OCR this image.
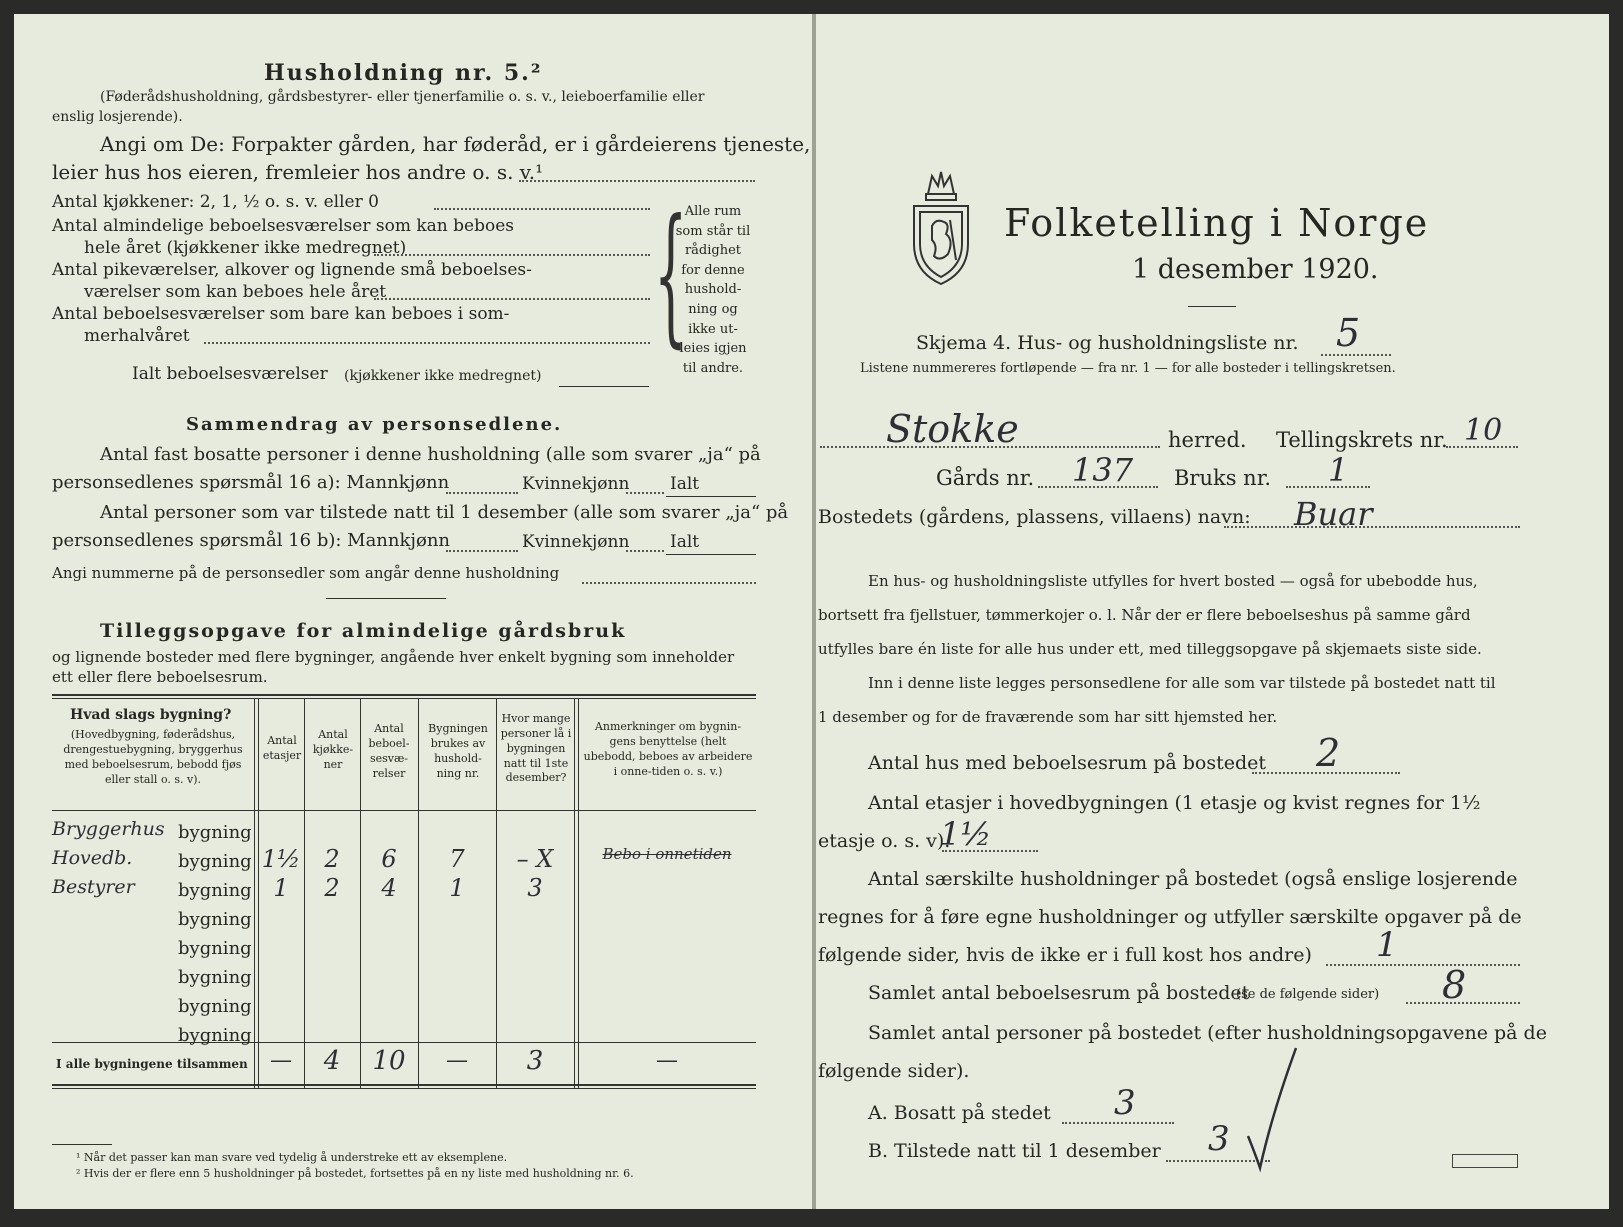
Husholdning nr. 5.²
(Føderådshusholdning, gårdsbestyrer- eller tjenerfamilie o. s. v., leieboerfamilie eller
enslig losjerende).
Angi om De: Forpakter gården, har føderåd, er i gårdeierens tjeneste,
leier hus hos eieren, fremleier hos andre o. s. v.¹
Antal kjøkkener: 2, 1, ½ o. s. v. eller 0
Antal almindelige beboelsesværelser som kan beboes
hele året (kjøkkener ikke medregnet)
Antal pikeværelser, alkover og lignende små beboelses-
værelser som kan beboes hele året
Antal beboelsesværelser som bare kan beboes i som-
merhalvåret
Ialt beboelsesværelser (kjøkkener ikke medregnet)
{
Alle rum
som står til
rådighet
for denne
hushold-
ning og
ikke ut-
leies igjen
til andre.
Sammendrag av personsedlene.
Antal fast bosatte personer i denne husholdning (alle som svarer „ja“ på
personsedlenes spørsmål 16 a): Mannkjønn	Kvinnekjønn Ialt
Antal personer som var tilstede natt til 1 desember (alle som svarer „ja“ på
personsedlenes spørsmål 16 b): Mannkjønn	Kvinnekjønn Ialt
Angi nummerne på de personsedler som angår denne husholdning
Tilleggsopgave for almindelige gårdsbruk
og lignende bosteder med flere bygninger, angående hver enkelt bygning som inneholder
ett eller flere beboelsesrum.
Hvad slags bygning?
(Hovedbygning, føderådshus, drengestuebygning, bryggerhus med beboelsesrum, bebodd fjøs eller stall o. s. v).
Antal etasjer
Antal kjøkke-ner
Antal beboel-sesvæ-relser
Bygningen brukes av hushold-ning nr.
Hvor mange personer lå i bygningen natt til 1ste desember?
Anmerkninger om bygnin-gens benyttelse (helt ubebodd, beboes av arbeidere i onne-tiden o. s. v.)
Bryggerhus bygning
Hovedb.	bygning 1½	2	6	7	– X	Bebo i onnetiden
Bestyrer bygning 1	2	4	1	3
bygning
bygning
bygning
bygning
bygning
I alle bygningene tilsammen	—	4	10	—	3	—
¹ Når det passer kan man svare ved tydelig å understreke ett av eksemplene.
² Hvis der er flere enn 5 husholdninger på bostedet, fortsettes på en ny liste med husholdning nr. 6.
Folketelling i Norge
1 desember 1920.
Skjema 4. Hus- og husholdningsliste nr. 5
Listene nummereres fortløpende — fra nr. 1 — for alle bosteder i tellingskretsen.
Stokke	herred. Tellingskrets nr. 10
Gårds nr. 137 Bruks nr. 1
Bostedets (gårdens, plassens, villaens) navn: Buar
En hus- og husholdningsliste utfylles for hvert bosted — også for ubebodde hus,
bortsett fra fjellstuer, tømmerkojer o. l. Når der er flere beboelseshus på samme gård
utfylles bare én liste for alle hus under ett, med tilleggsopgave på skjemaets siste side.
Inn i denne liste legges personsedlene for alle som var tilstede på bostedet natt til
1 desember og for de fraværende som har sitt hjemsted her.
Antal hus med beboelsesrum på bostedet 2
Antal etasjer i hovedbygningen (1 etasje og kvist regnes for 1½
etasje o. s. v).
1½
Antal særskilte husholdninger på bostedet (også enslige losjerende
regnes for å føre egne husholdninger og utfyller særskilte opgaver på de
følgende sider, hvis de ikke er i full kost hos andre) 1
Samlet antal beboelsesrum på bostedet
(se de følgende sider) 8
Samlet antal personer på bostedet (efter husholdningsopgavene på de
følgende sider).
A. Bosatt på stedet 3
B. Tilstede natt til 1 desember 3
